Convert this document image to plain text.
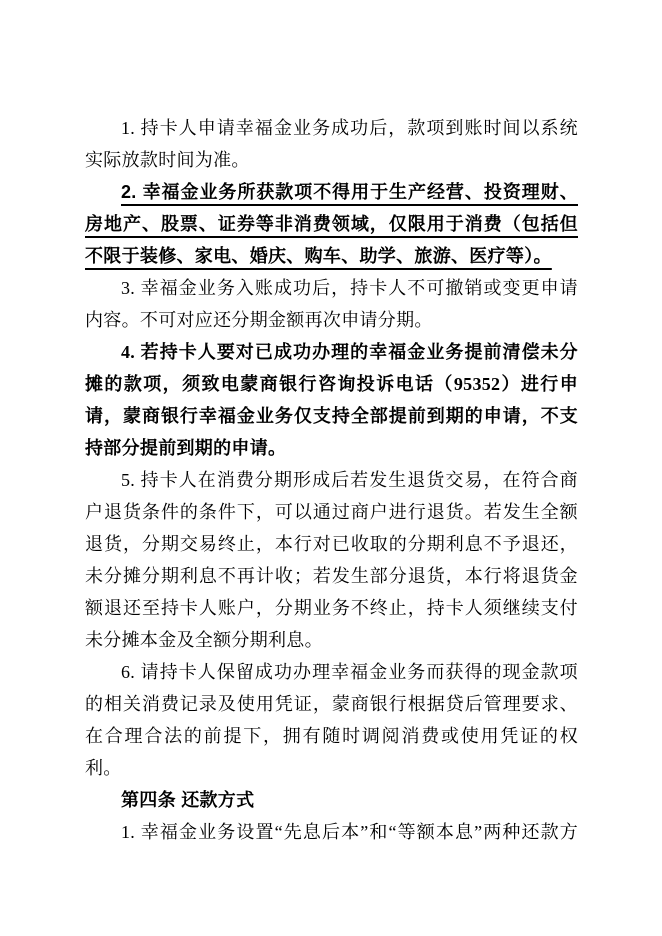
1. 持卡人申请幸福金业务成功后，款项到账时间以系统实际放款时间为准。

2. 幸福金业务所获款项不得用于生产经营、投资理财、房地产、股票、证券等非消费领域，仅限用于消费（包括但不限于装修、家电、婚庆、购车、助学、旅游、医疗等）。

3. 幸福金业务入账成功后，持卡人不可撤销或变更申请内容。不可对应还分期金额再次申请分期。

4. 若持卡人要对已成功办理的幸福金业务提前清偿未分摊的款项，须致电蒙商银行咨询投诉电话（95352）进行申请，蒙商银行幸福金业务仅支持全部提前到期的申请，不支持部分提前到期的申请。

5. 持卡人在消费分期形成后若发生退货交易，在符合商户退货条件的条件下，可以通过商户进行退货。若发生全额退货，分期交易终止，本行对已收取的分期利息不予退还，未分摊分期利息不再计收；若发生部分退货，本行将退货金额退还至持卡人账户，分期业务不终止，持卡人须继续支付未分摊本金及全额分期利息。

6. 请持卡人保留成功办理幸福金业务而获得的现金款项的相关消费记录及使用凭证，蒙商银行根据贷后管理要求、在合理合法的前提下，拥有随时调阅消费或使用凭证的权利。

第四条 还款方式

1. 幸福金业务设置“先息后本”和“等额本息”两种还款方
